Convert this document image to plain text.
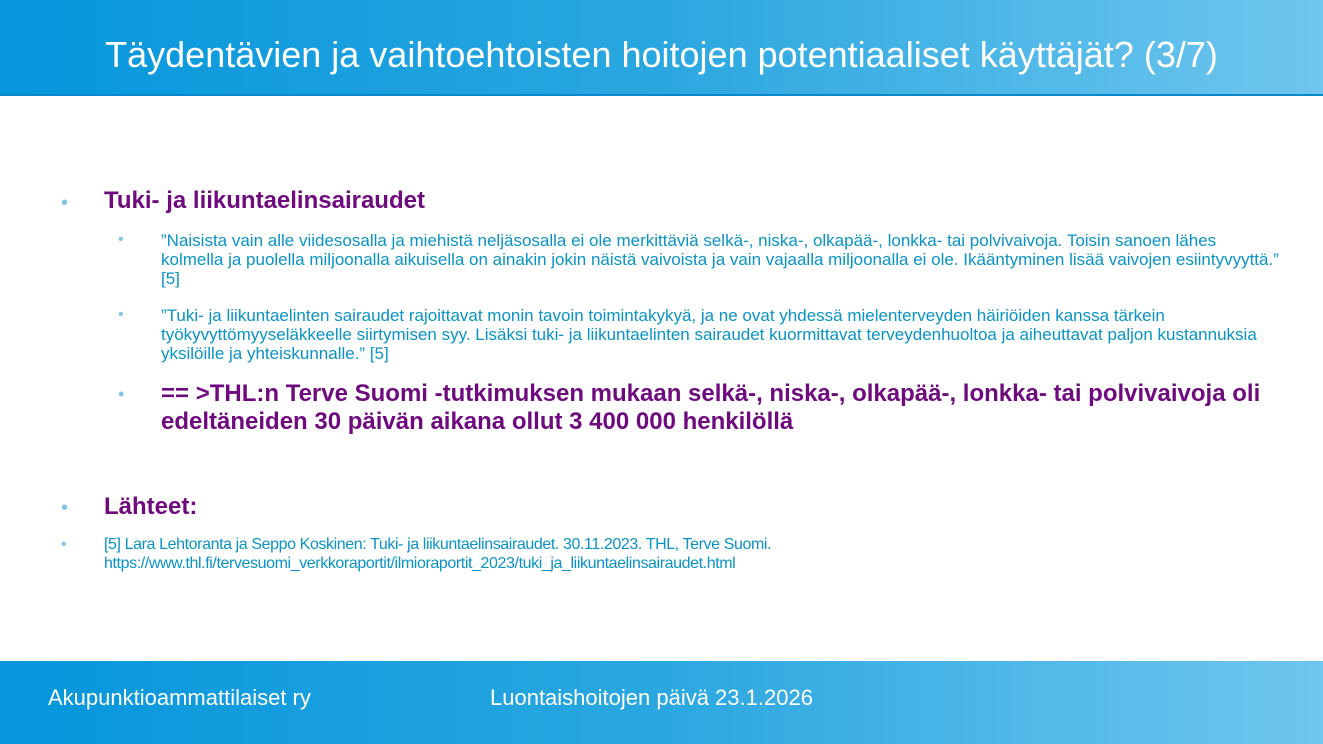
Täydentävien ja vaihtoehtoisten hoitojen potentiaaliset käyttäjät? (3/7)
• Tuki- ja liikuntaelinsairaudet
• ”Naisista vain alle viidesosalla ja miehistä neljäsosalla ei ole merkittäviä selkä-, niska-, olkapää-, lonkka- tai polvivaivoja. Toisin sanoen lähes kolmella ja puolella miljoonalla aikuisella on ainakin jokin näistä vaivoista ja vain vajaalla miljoonalla ei ole. Ikääntyminen lisää vaivojen esiintyvyyttä.” [5]
• ”Tuki- ja liikuntaelinten sairaudet rajoittavat monin tavoin toimintakykyä, ja ne ovat yhdessä mielenterveyden häiriöiden kanssa tärkein työkyvyttömyyseläkkeelle siirtymisen syy. Lisäksi tuki- ja liikuntaelinten sairaudet kuormittavat terveydenhuoltoa ja aiheuttavat paljon kustannuksia yksilöille ja yhteiskunnalle.” [5]
• == >THL:n Terve Suomi -tutkimuksen mukaan selkä-, niska-, olkapää-, lonkka- tai polvivaivoja oli edeltäneiden 30 päivän aikana ollut 3 400 000 henkilöllä
• Lähteet:
• [5] Lara Lehtoranta ja Seppo Koskinen: Tuki- ja liikuntaelinsairaudet. 30.11.2023. THL, Terve Suomi.
https://www.thl.fi/tervesuomi_verkkoraportit/ilmioraportit_2023/tuki_ja_liikuntaelinsairaudet.html
Akupunktioammattilaiset ry	Luontaishoitojen päivä 23.1.2026
